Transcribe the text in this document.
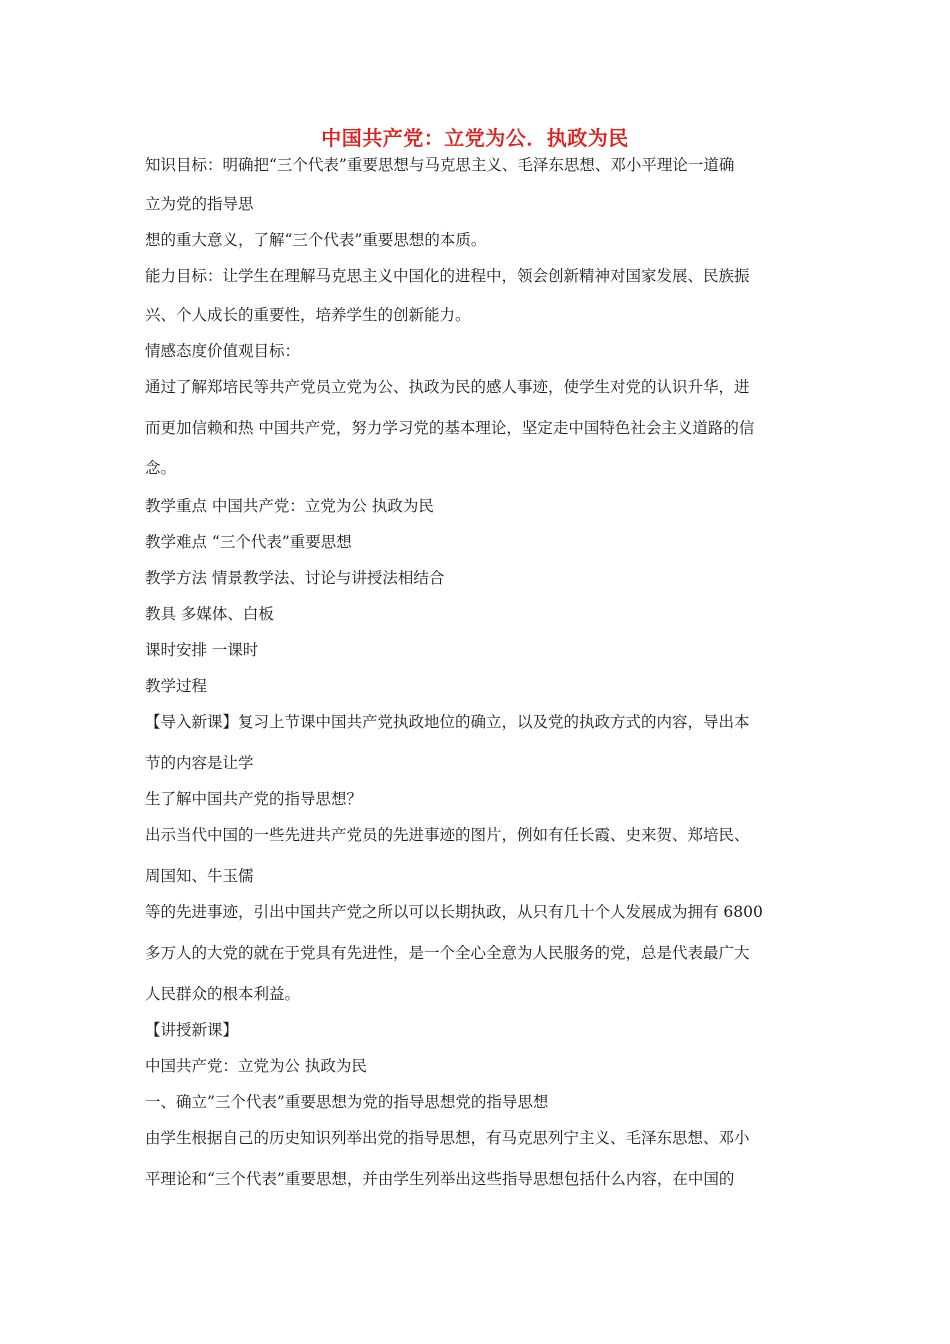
中国共产党：立党为公．执政为民
知识目标：明确把“三个代表”重要思想与马克思主义、毛泽东思想、邓小平理论一道确
立为党的指导思
想的重大意义，了解“三个代表”重要思想的本质。
能力目标：让学生在理解马克思主义中国化的进程中，领会创新精神对国家发展、民族振
兴、个人成长的重要性，培养学生的创新能力。
情感态度价值观目标：
通过了解郑培民等共产党员立党为公、执政为民的感人事迹，使学生对党的认识升华，进
而更加信赖和热 中国共产党，努力学习党的基本理论，坚定走中国特色社会主义道路的信
念。
教学重点 中国共产党：立党为公 执政为民
教学难点 “三个代表”重要思想
教学方法 情景教学法、讨论与讲授法相结合
教具 多媒体、白板
课时安排 一课时
教学过程
【导入新课】复习上节课中国共产党执政地位的确立，以及党的执政方式的内容，导出本
节的内容是让学
生了解中国共产党的指导思想？
出示当代中国的一些先进共产党员的先进事迹的图片，例如有任长霞、史来贺、郑培民、
周国知、牛玉儒
等的先进事迹，引出中国共产党之所以可以长期执政，从只有几十个人发展成为拥有 6800
多万人的大党的就在于党具有先进性，是一个全心全意为人民服务的党，总是代表最广大
人民群众的根本利益。
【讲授新课】
中国共产党：立党为公 执政为民
一、确立”三个代表”重要思想为党的指导思想党的指导思想
由学生根据自己的历史知识列举出党的指导思想，有马克思列宁主义、毛泽东思想、邓小
平理论和“三个代表”重要思想，并由学生列举出这些指导思想包括什么内容，在中国的
